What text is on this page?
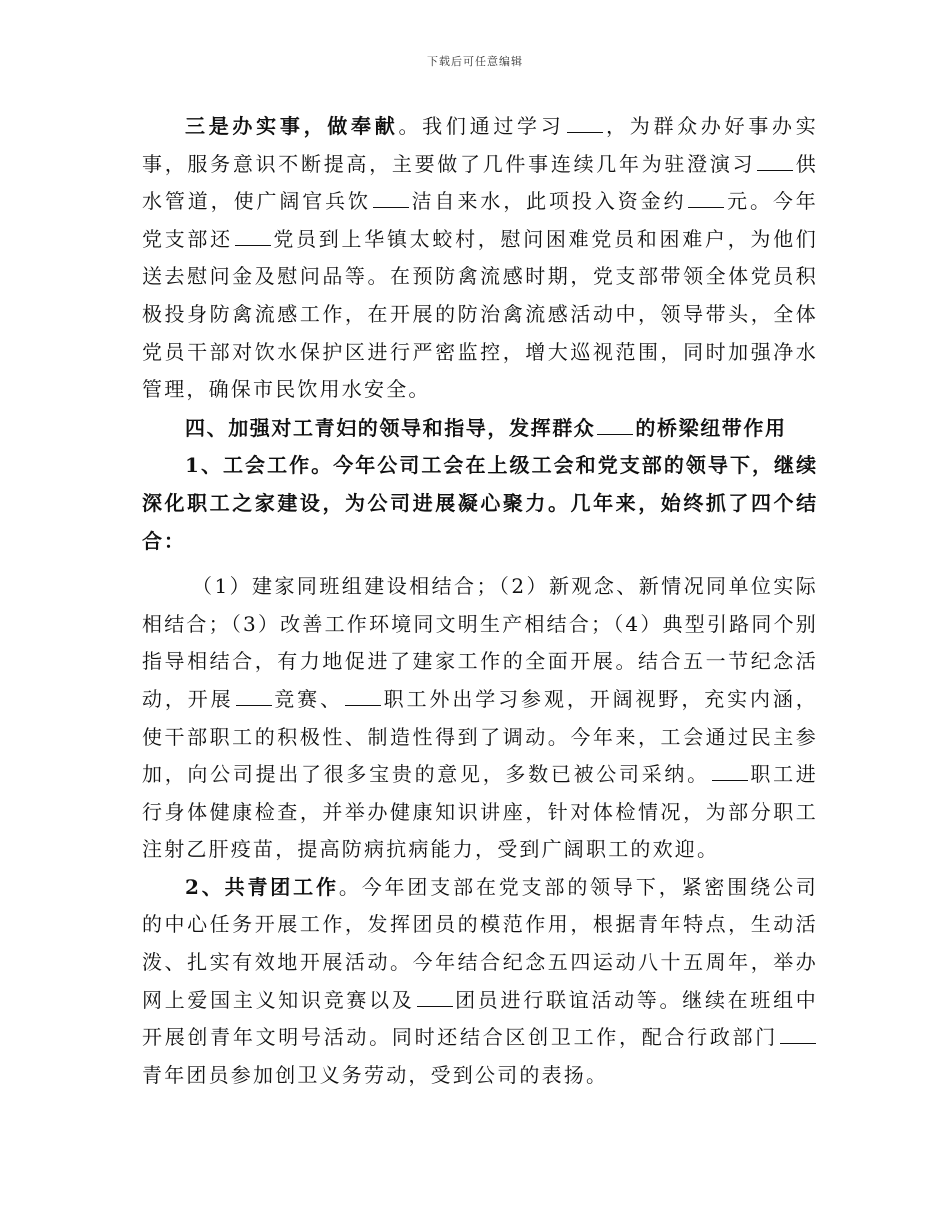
下载后可任意编辑

三是办实事，做奉献。我们通过学习 ，为群众办好事办实事，服务意识不断提高，主要做了几件事连续几年为驻澄演习 供水管道，使广阔官兵饮 洁自来水，此项投入资金约 元。今年党支部还 党员到上华镇太蛟村，慰问困难党员和困难户，为他们送去慰问金及慰问品等。在预防禽流感时期，党支部带领全体党员积极投身防禽流感工作，在开展的防治禽流感活动中，领导带头，全体党员干部对饮水保护区进行严密监控，增大巡视范围，同时加强净水管理，确保市民饮用水安全。

四、加强对工青妇的领导和指导，发挥群众 的桥梁纽带作用

1、工会工作。今年公司工会在上级工会和党支部的领导下，继续深化职工之家建设，为公司进展凝心聚力。几年来，始终抓了四个结合：

（1）建家同班组建设相结合；（2）新观念、新情况同单位实际相结合；（3）改善工作环境同文明生产相结合；（4）典型引路同个别指导相结合，有力地促进了建家工作的全面开展。结合五一节纪念活动，开展 竞赛、 职工外出学习参观，开阔视野，充实内涵，使干部职工的积极性、制造性得到了调动。今年来，工会通过民主参加，向公司提出了很多宝贵的意见，多数已被公司采纳。 职工进行身体健康检查，并举办健康知识讲座，针对体检情况，为部分职工注射乙肝疫苗，提高防病抗病能力，受到广阔职工的欢迎。

2、共青团工作。今年团支部在党支部的领导下，紧密围绕公司的中心任务开展工作，发挥团员的模范作用，根据青年特点，生动活泼、扎实有效地开展活动。今年结合纪念五四运动八十五周年，举办网上爱国主义知识竞赛以及 团员进行联谊活动等。继续在班组中开展创青年文明号活动。同时还结合区创卫工作，配合行政部门青年团员参加创卫义务劳动，受到公司的表扬。
